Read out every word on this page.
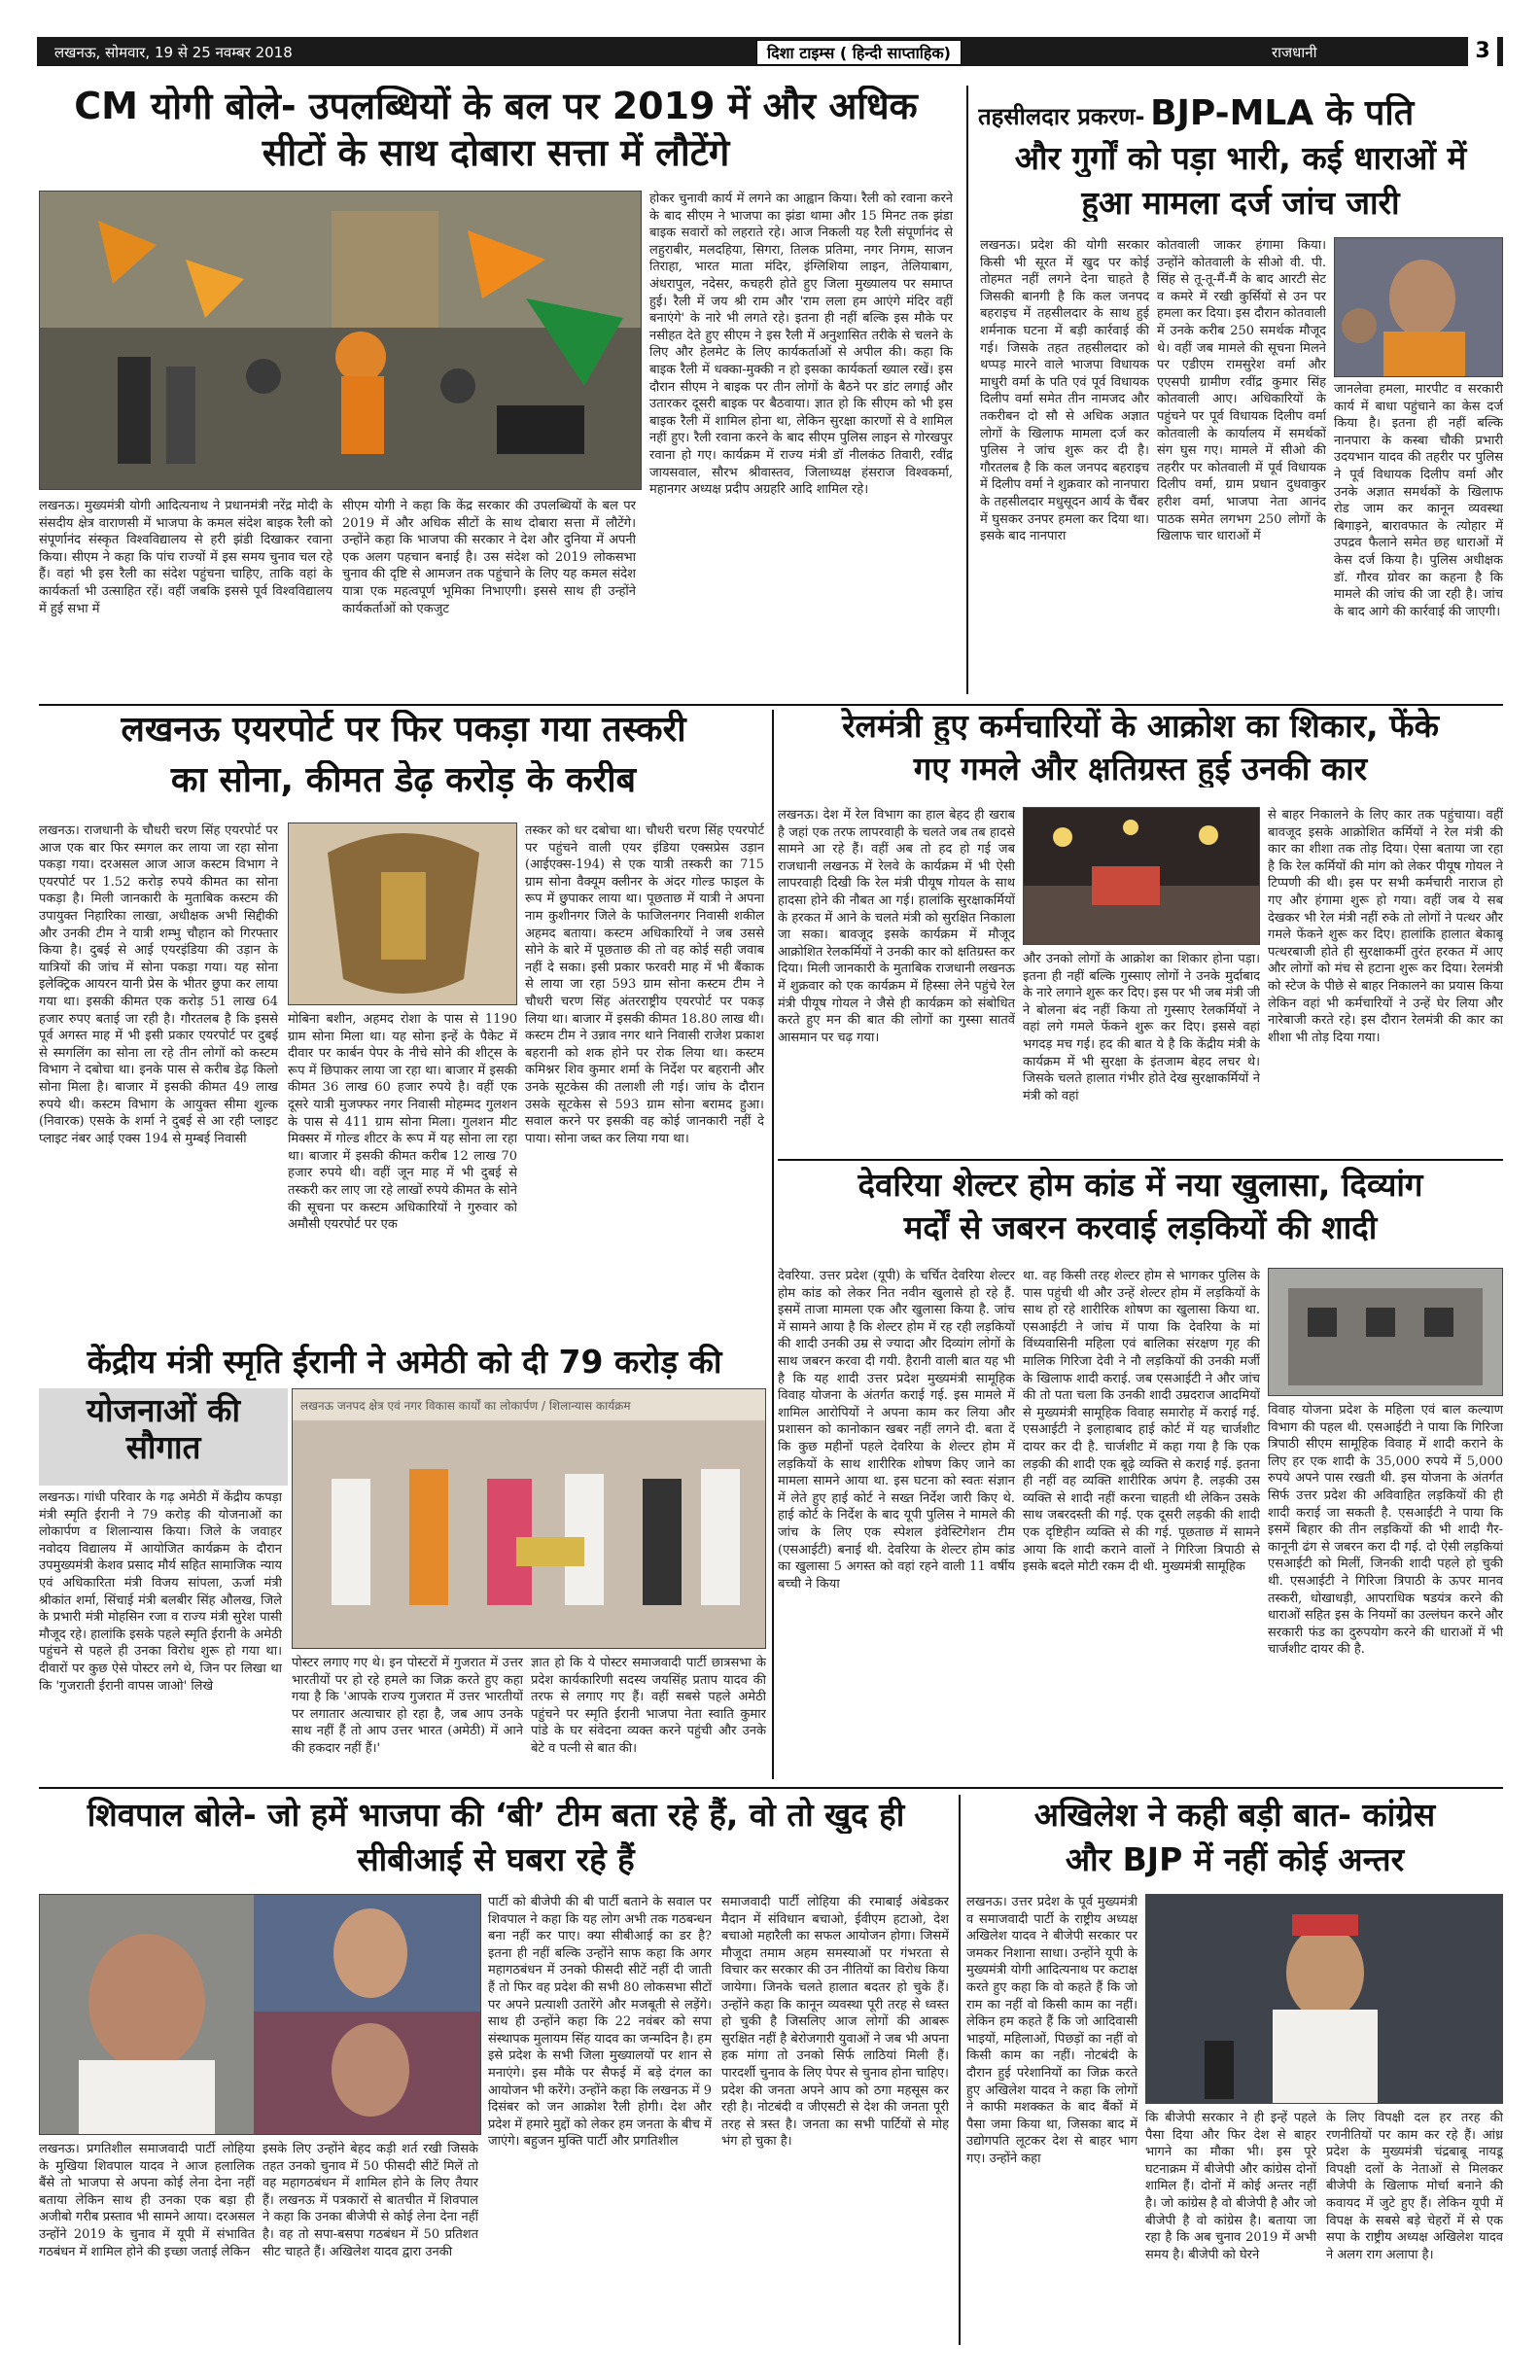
लखनऊ, सोमवार, 19 से 25 नवम्बर 2018	दिशा टाइम्स ( हिन्दी साप्ताहिक)	राजधानी	3
CM योगी बोले- उपलब्धियों के बल पर 2019 में और अधिक
सीटों के साथ दोबारा सत्ता में लौटेंगे
लखनऊ। मुख्यमंत्री योगी आदित्यनाथ ने प्रधानमंत्री नरेंद्र मोदी के संसदीय क्षेत्र वाराणसी में भाजपा के कमल संदेश बाइक रैली को संपूर्णानंद संस्कृत विश्वविद्यालय से हरी झंडी दिखाकर रवाना किया। सीएम ने कहा कि पांच राज्यों में इस समय चुनाव चल रहे हैं। वहां भी इस रैली का संदेश पहुंचना चाहिए, ताकि वहां के कार्यकर्ता भी उत्साहित रहें। वहीं जबकि इससे पूर्व विश्वविद्यालय में हुई सभा में
सीएम योगी ने कहा कि केंद्र सरकार की उपलब्धियों के बल पर 2019 में और अधिक सीटों के साथ दोबारा सत्ता में लौटेंगे। उन्होंने कहा कि भाजपा की सरकार ने देश और दुनिया में अपनी एक अलग पहचान बनाई है। उस संदेश को 2019 लोकसभा चुनाव की दृष्टि से आमजन तक पहुंचाने के लिए यह कमल संदेश यात्रा एक महत्वपूर्ण भूमिका निभाएगी। इससे साथ ही उन्होंने कार्यकर्ताओं को एकजुट
होकर चुनावी कार्य में लगने का आह्वान किया। रैली को रवाना करने के बाद सीएम ने भाजपा का झंडा थामा और 15 मिनट तक झंडा बाइक सवारों को लहराते रहे। आज निकली यह रैली संपूर्णानंद से लहुराबीर, मलदहिया, सिगरा, तिलक प्रतिमा, नगर निगम, साजन तिराहा, भारत माता मंदिर, इंग्लिशिया लाइन, तेलियाबाग, अंधरापुल, नदेसर, कचहरी होते हुए जिला मुख्यालय पर समाप्त हुई। रैली में जय श्री राम और 'राम लला हम आएंगे मंदिर वहीं बनाएंगे' के नारे भी लगते रहे। इतना ही नहीं बल्कि इस मौके पर नसीहत देते हुए सीएम ने इस रैली में अनुशासित तरीके से चलने के लिए और हेलमेट के लिए कार्यकर्ताओं से अपील की। कहा कि बाइक रैली में धक्का-मुक्की न हो इसका कार्यकर्ता ख्याल रखें। इस दौरान सीएम ने बाइक पर तीन लोगों के बैठने पर डांट लगाई और उतारकर दूसरी बाइक पर बैठवाया। ज्ञात हो कि सीएम को भी इस बाइक रैली में शामिल होना था, लेकिन सुरक्षा कारणों से वे शामिल नहीं हुए। रैली रवाना करने के बाद सीएम पुलिस लाइन से गोरखपुर रवाना हो गए। कार्यक्रम में राज्य मंत्री डॉ नीलकंठ तिवारी, रवींद्र जायसवाल, सौरभ श्रीवास्तव, जिलाध्यक्ष हंसराज विश्वकर्मा, महानगर अध्यक्ष प्रदीप अग्रहरि आदि शामिल रहे।
तहसीलदार प्रकरण- BJP-MLA के पति
और गुर्गों को पड़ा भारी, कई धाराओं में
हुआ मामला दर्ज जांच जारी
लखनऊ। प्रदेश की योगी सरकार किसी भी सूरत में खुद पर कोई तोहमत नहीं लगने देना चाहते है जिसकी बानगी है कि कल जनपद बहराइच में तहसीलदार के साथ हुई शर्मनाक घटना में बड़ी कार्रवाई की गई। जिसके तहत तहसीलदार को थप्पड़ मारने वाले भाजपा विधायक माधुरी वर्मा के पति एवं पूर्व विधायक दिलीप वर्मा समेत तीन नामजद और तकरीबन दो सौ से अधिक अज्ञात लोगों के खिलाफ मामला दर्ज कर पुलिस ने जांच शुरू कर दी है। गौरतलब है कि कल जनपद बहराइच में दिलीप वर्मा ने शुक्रवार को नानपारा के तहसीलदार मधुसूदन आर्य के चैंबर में घुसकर उनपर हमला कर दिया था। इसके बाद नानपारा
कोतवाली जाकर हंगामा किया। उन्होंने कोतवाली के सीओ वी. पी. सिंह से तू-तू-मैं-मैं के बाद आरटी सेट व कमरे में रखी कुर्सियों से उन पर हमला कर दिया। इस दौरान कोतवाली में उनके करीब 250 समर्थक मौजूद थे। वहीं जब मामले की सूचना मिलने पर एडीएम रामसुरेश वर्मा और एएसपी ग्रामीण रवींद्र कुमार सिंह कोतवाली आए। अधिकारियों के पहुंचने पर पूर्व विधायक दिलीप वर्मा कोतवाली के कार्यालय में समर्थकों संग घुस गए। मामले में सीओ की तहरीर पर कोतवाली में पूर्व विधायक दिलीप वर्मा, ग्राम प्रधान दुधवाकुर हरीश वर्मा, भाजपा नेता आनंद पाठक समेत लगभग 250 लोगों के खिलाफ चार धाराओं में
जानलेवा हमला, मारपीट व सरकारी कार्य में बाधा पहुंचाने का केस दर्ज किया है। इतना ही नहीं बल्कि नानपारा के कस्बा चौकी प्रभारी उदयभान यादव की तहरीर पर पुलिस ने पूर्व विधायक दिलीप वर्मा और उनके अज्ञात समर्थकों के खिलाफ रोड जाम कर कानून व्यवस्था बिगाड़ने, बारावफात के त्योहार में उपद्रव फैलाने समेत छह धाराओं में केस दर्ज किया है। पुलिस अधीक्षक डॉ. गौरव ग्रोवर का कहना है कि मामले की जांच की जा रही है। जांच के बाद आगे की कार्रवाई की जाएगी।
लखनऊ एयरपोर्ट पर फिर पकड़ा गया तस्करी
का सोना, कीमत डेढ़ करोड़ के करीब
लखनऊ। राजधानी के चौधरी चरण सिंह एयरपोर्ट पर आज एक बार फिर स्मगल कर लाया जा रहा सोना पकड़ा गया। दरअसल आज आज कस्टम विभाग ने एयरपोर्ट पर 1.52 करोड़ रुपये कीमत का सोना पकड़ा है। मिली जानकारी के मुताबिक कस्टम की उपायुक्त निहारिका लाखा, अधीक्षक अभी सिद्दीकी और उनकी टीम ने यात्री शम्भु चौहान को गिरफ्तार किया है। दुबई से आई एयरइंडिया की उड़ान के यात्रियों की जांच में सोना पकड़ा गया। यह सोना इलेक्ट्रिक आयरन यानी प्रेस के भीतर छुपा कर लाया गया था। इसकी कीमत एक करोड़ 51 लाख 64 हजार रुपए बताई जा रही है। गौरतलब है कि इससे पूर्व अगस्त माह में भी इसी प्रकार एयरपोर्ट पर दुबई से स्मगलिंग का सोना ला रहे तीन लोगों को कस्टम विभाग ने दबोचा था। इनके पास से करीब डेढ़ किलो सोना मिला है। बाजार में इसकी कीमत 49 लाख रुपये थी। कस्टम विभाग के आयुक्त सीमा शुल्क (निवारक) एसके के शर्मा ने दुबई से आ रही प्लाइट प्लाइट नंबर आई एक्स 194 से मुम्बई निवासी
मोबिना बशीन, अहमद रोशा के पास से 1190 ग्राम सोना मिला था। यह सोना इन्हें के पैकेट में दीवार पर कार्बन पेपर के नीचे सोने की शीट्स के रूप में छिपाकर लाया जा रहा था। बाजार में इसकी कीमत 36 लाख 60 हजार रुपये है। वहीं एक दूसरे यात्री मुजफ्फर नगर निवासी मोहम्मद गुलशन के पास से 411 ग्राम सोना मिला। गुलशन मीट मिक्सर में गोल्ड शीटर के रूप में यह सोना ला रहा था। बाजार में इसकी कीमत करीब 12 लाख 70 हजार रुपये थी। वहीं जून माह में भी दुबई से तस्करी कर लाए जा रहे लाखों रुपये कीमत के सोने की सूचना पर कस्टम अधिकारियों ने गुरुवार को अमौसी एयरपोर्ट पर एक
तस्कर को धर दबोचा था। चौधरी चरण सिंह एयरपोर्ट पर पहुंचने वाली एयर इंडिया एक्सप्रेस उड़ान (आईएक्स-194) से एक यात्री तस्करी का 715 ग्राम सोना वैक्यूम क्लीनर के अंदर गोल्ड फाइल के रूप में छुपाकर लाया था। पूछताछ में यात्री ने अपना नाम कुशीनगर जिले के फाजिलनगर निवासी शकील अहमद बताया। कस्टम अधिकारियों ने जब उससे सोने के बारे में पूछताछ की तो वह कोई सही जवाब नहीं दे सका। इसी प्रकार फरवरी माह में भी बैंकाक से लाया जा रहा 593 ग्राम सोना कस्टम टीम ने चौधरी चरण सिंह अंतरराष्ट्रीय एयरपोर्ट पर पकड़ लिया था। बाजार में इसकी कीमत 18.80 लाख थी। कस्टम टीम ने उन्नाव नगर थाने निवासी राजेश प्रकाश बहरानी को शक होने पर रोक लिया था। कस्टम कमिश्नर शिव कुमार शर्मा के निर्देश पर बहरानी और उनके सूटकेस की तलाशी ली गई। जांच के दौरान उसके सूटकेस से 593 ग्राम सोना बरामद हुआ। सवाल करने पर इसकी वह कोई जानकारी नहीं दे पाया। सोना जब्त कर लिया गया था।
रेलमंत्री हुए कर्मचारियों के आक्रोश का शिकार, फेंके
गए गमले और क्षतिग्रस्त हुई उनकी कार
लखनऊ। देश में रेल विभाग का हाल बेहद ही खराब है जहां एक तरफ लापरवाही के चलते जब तब हादसे सामने आ रहे हैं। वहीं अब तो हद हो गई जब राजधानी लखनऊ में रेलवे के कार्यक्रम में भी ऐसी लापरवाही दिखी कि रेल मंत्री पीयूष गोयल के साथ हादसा होने की नौबत आ गई। हालांकि सुरक्षाकर्मियों के हरकत में आने के चलते मंत्री को सुरक्षित निकाला जा सका। बावजूद इसके कार्यक्रम में मौजूद आक्रोशित रेलकर्मियों ने उनकी कार को क्षतिग्रस्त कर दिया। मिली जानकारी के मुताबिक राजधानी लखनऊ में शुक्रवार को एक कार्यक्रम में हिस्सा लेने पहुंचे रेल मंत्री पीयूष गोयल ने जैसे ही कार्यक्रम को संबोधित करते हुए मन की बात की लोगों का गुस्सा सातवें आसमान पर चढ़ गया।
और उनको लोगों के आक्रोश का शिकार होना पड़ा। इतना ही नहीं बल्कि गुस्साए लोगों ने उनके मुर्दाबाद के नारे लगाने शुरू कर दिए। इस पर भी जब मंत्री जी ने बोलना बंद नहीं किया तो गुस्साए रेलकर्मियों ने वहां लगे गमले फेंकने शुरू कर दिए। इससे वहां भगदड़ मच गई। हद की बात ये है कि केंद्रीय मंत्री के कार्यक्रम में भी सुरक्षा के इंतजाम बेहद लचर थे। जिसके चलते हालात गंभीर होते देख सुरक्षाकर्मियों ने मंत्री को वहां
से बाहर निकालने के लिए कार तक पहुंचाया। वहीं बावजूद इसके आक्रोशित कर्मियों ने रेल मंत्री की कार का शीशा तक तोड़ दिया। ऐसा बताया जा रहा है कि रेल कर्मियों की मांग को लेकर पीयूष गोयल ने टिप्पणी की थी। इस पर सभी कर्मचारी नाराज हो गए और हंगामा शुरू हो गया। वहीं जब ये सब देखकर भी रेल मंत्री नहीं रुके तो लोगों ने पत्थर और गमले फेंकने शुरू कर दिए। हालांकि हालात बेकाबू पत्थरबाजी होते ही सुरक्षाकर्मी तुरंत हरकत में आए और लोगों को मंच से हटाना शुरू कर दिया। रेलमंत्री को स्टेज के पीछे से बाहर निकालने का प्रयास किया लेकिन वहां भी कर्मचारियों ने उन्हें घेर लिया और नारेबाजी करते रहे। इस दौरान रेलमंत्री की कार का शीशा भी तोड़ दिया गया।
देवरिया शेल्टर होम कांड में नया खुलासा, दिव्यांग
मर्दों से जबरन करवाई लड़कियों की शादी
देवरिया. उत्तर प्रदेश (यूपी) के चर्चित देवरिया शेल्टर होम कांड को लेकर नित नवीन खुलासे हो रहे हैं. इसमें ताजा मामला एक और खुलासा किया है. जांच में सामने आया है कि शेल्टर होम में रह रही लड़कियों की शादी उनकी उम्र से ज्यादा और दिव्यांग लोगों के साथ जबरन करवा दी गयी. हैरानी वाली बात यह भी है कि यह शादी उत्तर प्रदेश मुख्यमंत्री सामूहिक विवाह योजना के अंतर्गत कराई गई. इस मामले में शामिल आरोपियों ने अपना काम कर लिया और प्रशासन को कानोकान खबर नहीं लगने दी. बता दें कि कुछ महीनों पहले देवरिया के शेल्टर होम में लड़कियों के साथ शारीरिक शोषण किए जाने का मामला सामने आया था. इस घटना को स्वतः संज्ञान में लेते हुए हाई कोर्ट ने सख्त निर्देश जारी किए थे. हाई कोर्ट के निर्देश के बाद यूपी पुलिस ने मामले की जांच के लिए एक स्पेशल इंवेस्टिगेशन टीम (एसआईटी) बनाई थी. देवरिया के शेल्टर होम कांड का खुलासा 5 अगस्त को वहां रहने वाली 11 वर्षीय बच्ची ने किया
था. वह किसी तरह शेल्टर होम से भागकर पुलिस के पास पहुंची थी और उन्हें शेल्टर होम में लड़कियों के साथ हो रहे शारीरिक शोषण का खुलासा किया था. एसआईटी ने जांच में पाया कि देवरिया के मां विंध्यवासिनी महिला एवं बालिका संरक्षण गृह की मालिक गिरिजा देवी ने नौ लड़कियों की उनकी मर्जी के खिलाफ शादी कराई. जब एसआईटी ने और जांच की तो पता चला कि उनकी शादी उम्रदराज आदमियों से मुख्यमंत्री सामूहिक विवाह समारोह में कराई गई. एसआईटी ने इलाहाबाद हाई कोर्ट में यह चार्जशीट दायर कर दी है. चार्जशीट में कहा गया है कि एक लड़की की शादी एक बूढ़े व्यक्ति से कराई गई. इतना ही नहीं वह व्यक्ति शारीरिक अपंग है. लड़की उस व्यक्ति से शादी नहीं करना चाहती थी लेकिन उसके साथ जबरदस्ती की गई. एक दूसरी लड़की की शादी एक दृष्टिहीन व्यक्ति से की गई. पूछताछ में सामने आया कि शादी कराने वालों ने गिरिजा त्रिपाठी से इसके बदले मोटी रकम दी थी. मुख्यमंत्री सामूहिक
विवाह योजना प्रदेश के महिला एवं बाल कल्याण विभाग की पहल थी. एसआईटी ने पाया कि गिरिजा त्रिपाठी सीएम सामूहिक विवाह में शादी कराने के लिए हर एक शादी के 35,000 रुपये में 5,000 रुपये अपने पास रखती थी. इस योजना के अंतर्गत सिर्फ उत्तर प्रदेश की अविवाहित लड़कियों की ही शादी कराई जा सकती है. एसआईटी ने पाया कि इसमें बिहार की तीन लड़कियों की भी शादी गैर-कानूनी ढंग से जबरन करा दी गई. दो ऐसी लड़कियां एसआईटी को मिलीं, जिनकी शादी पहले हो चुकी थी. एसआईटी ने गिरिजा त्रिपाठी के ऊपर मानव तस्करी, धोखाधड़ी, आपराधिक षडयंत्र करने की धाराओं सहित इस के नियमों का उल्लंघन करने और सरकारी फंड का दुरुपयोग करने की धाराओं में भी चार्जशीट दायर की है.
केंद्रीय मंत्री स्मृति ईरानी ने अमेठी को दी 79 करोड़ की
योजनाओं की
सौगात
लखनऊ जनपद क्षेत्र एवं नगर विकास कार्यों का लोकार्पण / शिलान्यास कार्यक्रम
लखनऊ। गांधी परिवार के गढ़ अमेठी में केंद्रीय कपड़ा मंत्री स्मृति ईरानी ने 79 करोड़ की योजनाओं का लोकार्पण व शिलान्यास किया। जिले के जवाहर नवोदय विद्यालय में आयोजित कार्यक्रम के दौरान उपमुख्यमंत्री केशव प्रसाद मौर्य सहित सामाजिक न्याय एवं अधिकारिता मंत्री विजय सांपला, ऊर्जा मंत्री श्रीकांत शर्मा, सिंचाई मंत्री बलबीर सिंह औलख, जिले के प्रभारी मंत्री मोहसिन रजा व राज्य मंत्री सुरेश पासी मौजूद रहे। हालांकि इसके पहले स्मृति ईरानी के अमेठी पहुंचने से पहले ही उनका विरोध शुरू हो गया था। दीवारों पर कुछ ऐसे पोस्टर लगे थे, जिन पर लिखा था कि 'गुजराती ईरानी वापस जाओ' लिखे
पोस्टर लगाए गए थे। इन पोस्टरों में गुजरात में उत्तर भारतीयों पर हो रहे हमले का जिक्र करते हुए कहा गया है कि 'आपके राज्य गुजरात में उत्तर भारतीयों पर लगातार अत्याचार हो रहा है, जब आप उनके साथ नहीं हैं तो आप उत्तर भारत (अमेठी) में आने की हकदार नहीं हैं।'
ज्ञात हो कि ये पोस्टर समाजवादी पार्टी छात्रसभा के प्रदेश कार्यकारिणी सदस्य जयसिंह प्रताप यादव की तरफ से लगाए गए हैं। वहीं सबसे पहले अमेठी पहुंचने पर स्मृति ईरानी भाजपा नेता स्वाति कुमार पांडे के घर संवेदना व्यक्त करने पहुंची और उनके बेटे व पत्नी से बात की।
शिवपाल बोले- जो हमें भाजपा की ‘बी’ टीम बता रहे हैं, वो तो खुद ही
सीबीआई से घबरा रहे हैं
लखनऊ। प्रगतिशील समाजवादी पार्टी लोहिया के मुखिया शिवपाल यादव ने आज हलालिक बैंसे तो भाजपा से अपना कोई लेना देना नहीं बताया लेकिन साथ ही उनका एक बड़ा ही अजीबो गरीब प्रस्ताव भी सामने आया। दरअसल उन्होंने 2019 के चुनाव में यूपी में संभावित गठबंधन में शामिल होने की इच्छा जताई लेकिन
इसके लिए उन्होंने बेहद कड़ी शर्त रखी जिसके तहत उनको चुनाव में 50 फीसदी सीटें मिलें तो वह महागठबंधन में शामिल होने के लिए तैयार हैं। लखनऊ में पत्रकारों से बातचीत में शिवपाल ने कहा कि उनका बीजेपी से कोई लेना देना नहीं है। वह तो सपा-बसपा गठबंधन में 50 प्रतिशत सीट चाहते हैं। अखिलेश यादव द्वारा उनकी
पार्टी को बीजेपी की बी पार्टी बताने के सवाल पर शिवपाल ने कहा कि यह लोग अभी तक गठबन्धन बना नहीं कर पाए। क्या सीबीआई का डर है? इतना ही नहीं बल्कि उन्होंने साफ कहा कि अगर महागठबंधन में उनको फीसदी सीटें नहीं दी जाती हैं तो फिर वह प्रदेश की सभी 80 लोकसभा सीटों पर अपने प्रत्याशी उतारेंगे और मजबूती से लड़ेंगे। साथ ही उन्होंने कहा कि 22 नवंबर को सपा संस्थापक मुलायम सिंह यादव का जन्मदिन है। हम इसे प्रदेश के सभी जिला मुख्यालयों पर शान से मनाएंगे। इस मौके पर सैफई में बड़े दंगल का आयोजन भी करेंगे। उन्होंने कहा कि लखनऊ में 9 दिसंबर को जन आक्रोश रैली होगी। देश और प्रदेश में हमारे मुद्दों को लेकर हम जनता के बीच में जाएंगे। बहुजन मुक्ति पार्टी और प्रगतिशील
समाजवादी पार्टी लोहिया की रमाबाई अंबेडकर मैदान में संविधान बचाओ, ईवीएम हटाओ, देश बचाओ महारैली का सफल आयोजन होगा। जिसमें मौजूदा तमाम अहम समस्याओं पर गंभरता से विचार कर सरकार की उन नीतियों का विरोध किया जायेगा। जिनके चलते हालात बदतर हो चुके हैं। उन्होंने कहा कि कानून व्यवस्था पूरी तरह से ध्वस्त हो चुकी है जिसलिए आज लोगों की आबरू सुरक्षित नहीं है बेरोजगारी युवाओं ने जब भी अपना हक मांगा तो उनको सिर्फ लाठियां मिली हैं। पारदर्शी चुनाव के लिए पेपर से चुनाव होना चाहिए। प्रदेश की जनता अपने आप को ठगा महसूस कर रही है। नोटबंदी व जीएसटी से देश की जनता पूरी तरह से त्रस्त है। जनता का सभी पार्टियों से मोह भंग हो चुका है।
अखिलेश ने कही बड़ी बात- कांग्रेस
और BJP में नहीं कोई अन्तर
लखनऊ। उत्तर प्रदेश के पूर्व मुख्यमंत्री व समाजवादी पार्टी के राष्ट्रीय अध्यक्ष अखिलेश यादव ने बीजेपी सरकार पर जमकर निशाना साधा। उन्होंने यूपी के मुख्यमंत्री योगी आदित्यनाथ पर कटाक्ष करते हुए कहा कि वो कहते हैं कि जो राम का नहीं वो किसी काम का नहीं। लेकिन हम कहते हैं कि जो आदिवासी भाइयों, महिलाओं, पिछड़ों का नहीं वो किसी काम का नहीं। नोटबंदी के दौरान हुई परेशानियों का जिक्र करते हुए अखिलेश यादव ने कहा कि लोगों ने काफी मशक्कत के बाद बैंकों में पैसा जमा किया था, जिसका बाद में उद्योगपति लूटकर देश से बाहर भाग गए। उन्होंने कहा
कि बीजेपी सरकार ने ही इन्हें पहले पैसा दिया और फिर देश से बाहर भागने का मौका भी। इस पूरे घटनाक्रम में बीजेपी और कांग्रेस दोनों शामिल हैं। दोनों में कोई अन्तर नहीं है। जो कांग्रेस है वो बीजेपी है और जो बीजेपी है वो कांग्रेस है। बताया जा रहा है कि अब चुनाव 2019 में अभी समय है। बीजेपी को घेरने
के लिए विपक्षी दल हर तरह की रणनीतियों पर काम कर रहे हैं। आंध्र प्रदेश के मुख्यमंत्री चंद्रबाबू नायडू विपक्षी दलों के नेताओं से मिलकर बीजेपी के खिलाफ मोर्चा बनाने की कवायद में जुटे हुए हैं। लेकिन यूपी में विपक्ष के सबसे बड़े चेहरों में से एक सपा के राष्ट्रीय अध्यक्ष अखिलेश यादव ने अलग राग अलापा है।
